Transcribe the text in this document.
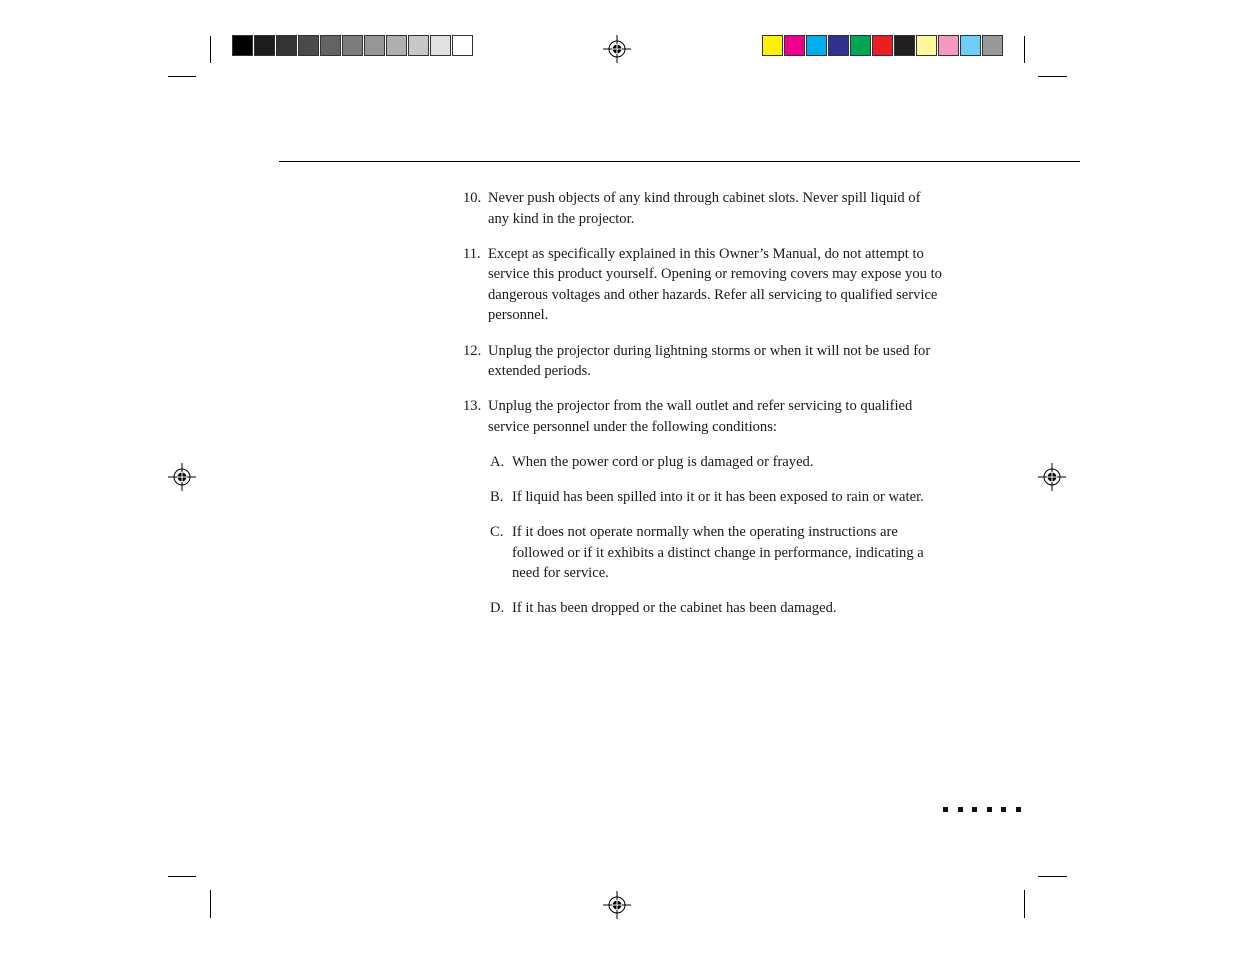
10. Never push objects of any kind through cabinet slots. Never spill liquid of any kind in the projector.
11. Except as specifically explained in this Owner’s Manual, do not attempt to service this product yourself. Opening or removing covers may expose you to dangerous voltages and other hazards. Refer all servicing to qualified service personnel.
12. Unplug the projector during lightning storms or when it will not be used for extended periods.
13. Unplug the projector from the wall outlet and refer servicing to qualified service personnel under the following conditions:
A. When the power cord or plug is damaged or frayed.
B. If liquid has been spilled into it or it has been exposed to rain or water.
C. If it does not operate normally when the operating instructions are followed or if it exhibits a distinct change in performance, indicating a need for service.
D. If it has been dropped or the cabinet has been damaged.
